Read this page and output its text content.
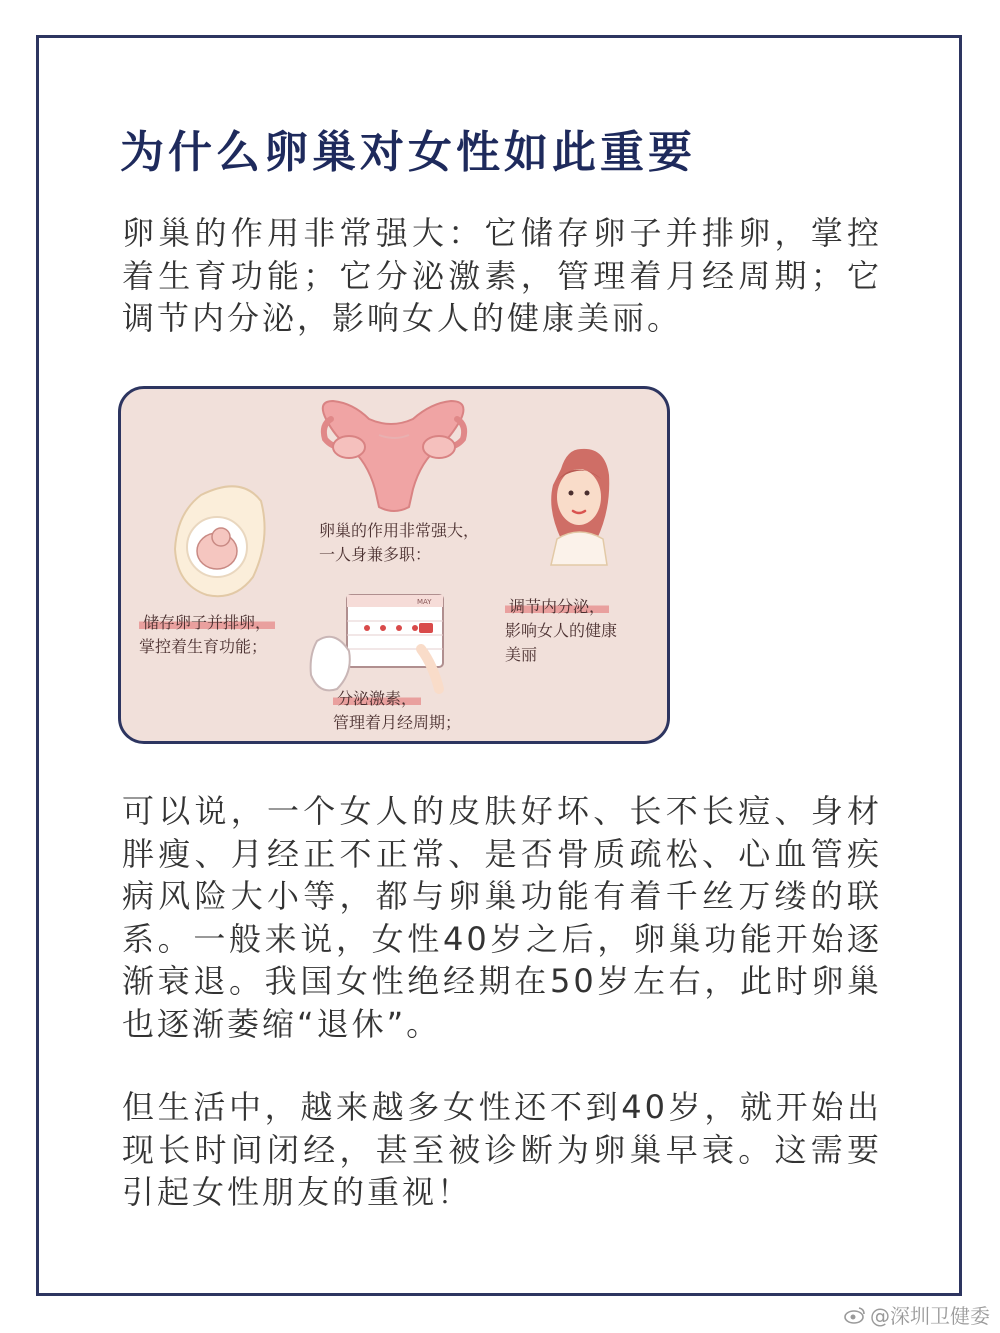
为什么卵巢对女性如此重要

卵巢的作用非常强大：它储存卵子并排卵，掌控着生育功能；它分泌激素，管理着月经周期；它调节内分泌，影响女人的健康美丽。

MAY
卵巢的作用非常强大，
一人身兼多职：
储存卵子并排卵，
掌控着生育功能；
调节内分泌，
影响女人的健康
美丽
分泌激素，
管理着月经周期；

可以说，一个女人的皮肤好坏、长不长痘、身材胖瘦、月经正不正常、是否骨质疏松、心血管疾病风险大小等，都与卵巢功能有着千丝万缕的联系。一般来说，女性40岁之后，卵巢功能开始逐渐衰退。我国女性绝经期在50岁左右，此时卵巢也逐渐萎缩“退休”。

但生活中，越来越多女性还不到40岁，就开始出现长时间闭经，甚至被诊断为卵巢早衰。这需要引起女性朋友的重视！

@深圳卫健委
